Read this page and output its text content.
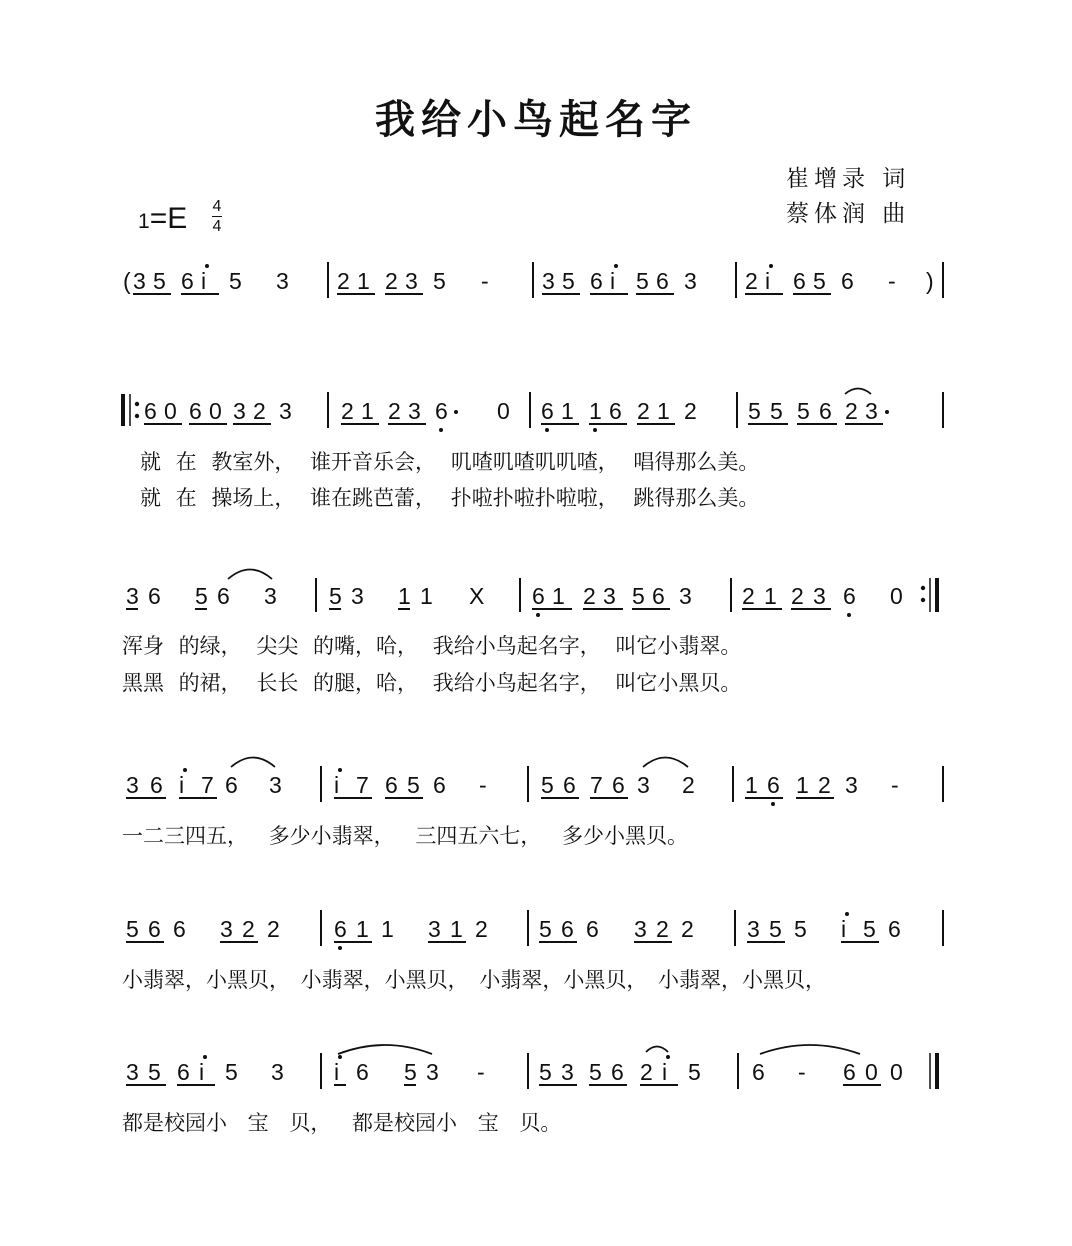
我给小鸟起名字
崔增录 词
蔡体润 曲
1=E 4
4
( 3 5 6 i 5 3 2 1 2 3 5 - 3 5 6 i 5 6 3 2 i 6 5 6 - )
6 0 6 0 3 2 3 2 1 2 3 6 0 6 1 1 6 2 1 2 5 5 5 6 2 3
3 6 5 6 3 5 3 1 1 X 6 1 2 3 5 6 3 2 1 2 3 6 0
3 6 i 7 6 3 i 7 6 5 6 - 5 6 7 6 3 2 1 6 1 2 3 -
5 6 6 3 2 2 6 1 1 3 1 2 5 6 6 3 2 2 3 5 5 i 5 6
3 5 6 i 5 3 i 6 5 3 - 5 3 5 6 2 i 5 6 - 6 0 0
就 在 教室外， 谁开音乐会， 叽喳叽喳叽叽喳， 唱得那么美。
就 在 操场上， 谁在跳芭蕾， 扑啦扑啦扑啦啦， 跳得那么美。
浑身 的绿， 尖尖 的嘴，哈， 我给小鸟起名字， 叫它小翡翠。
黑黑 的裙， 长长 的腿，哈， 我给小鸟起名字， 叫它小黑贝。
一二三四五， 多少小翡翠， 三四五六七， 多少小黑贝。
小翡翠，小黑贝， 小翡翠，小黑贝， 小翡翠，小黑贝， 小翡翠，小黑贝，
都是校园小 宝 贝， 都是校园小 宝 贝。
